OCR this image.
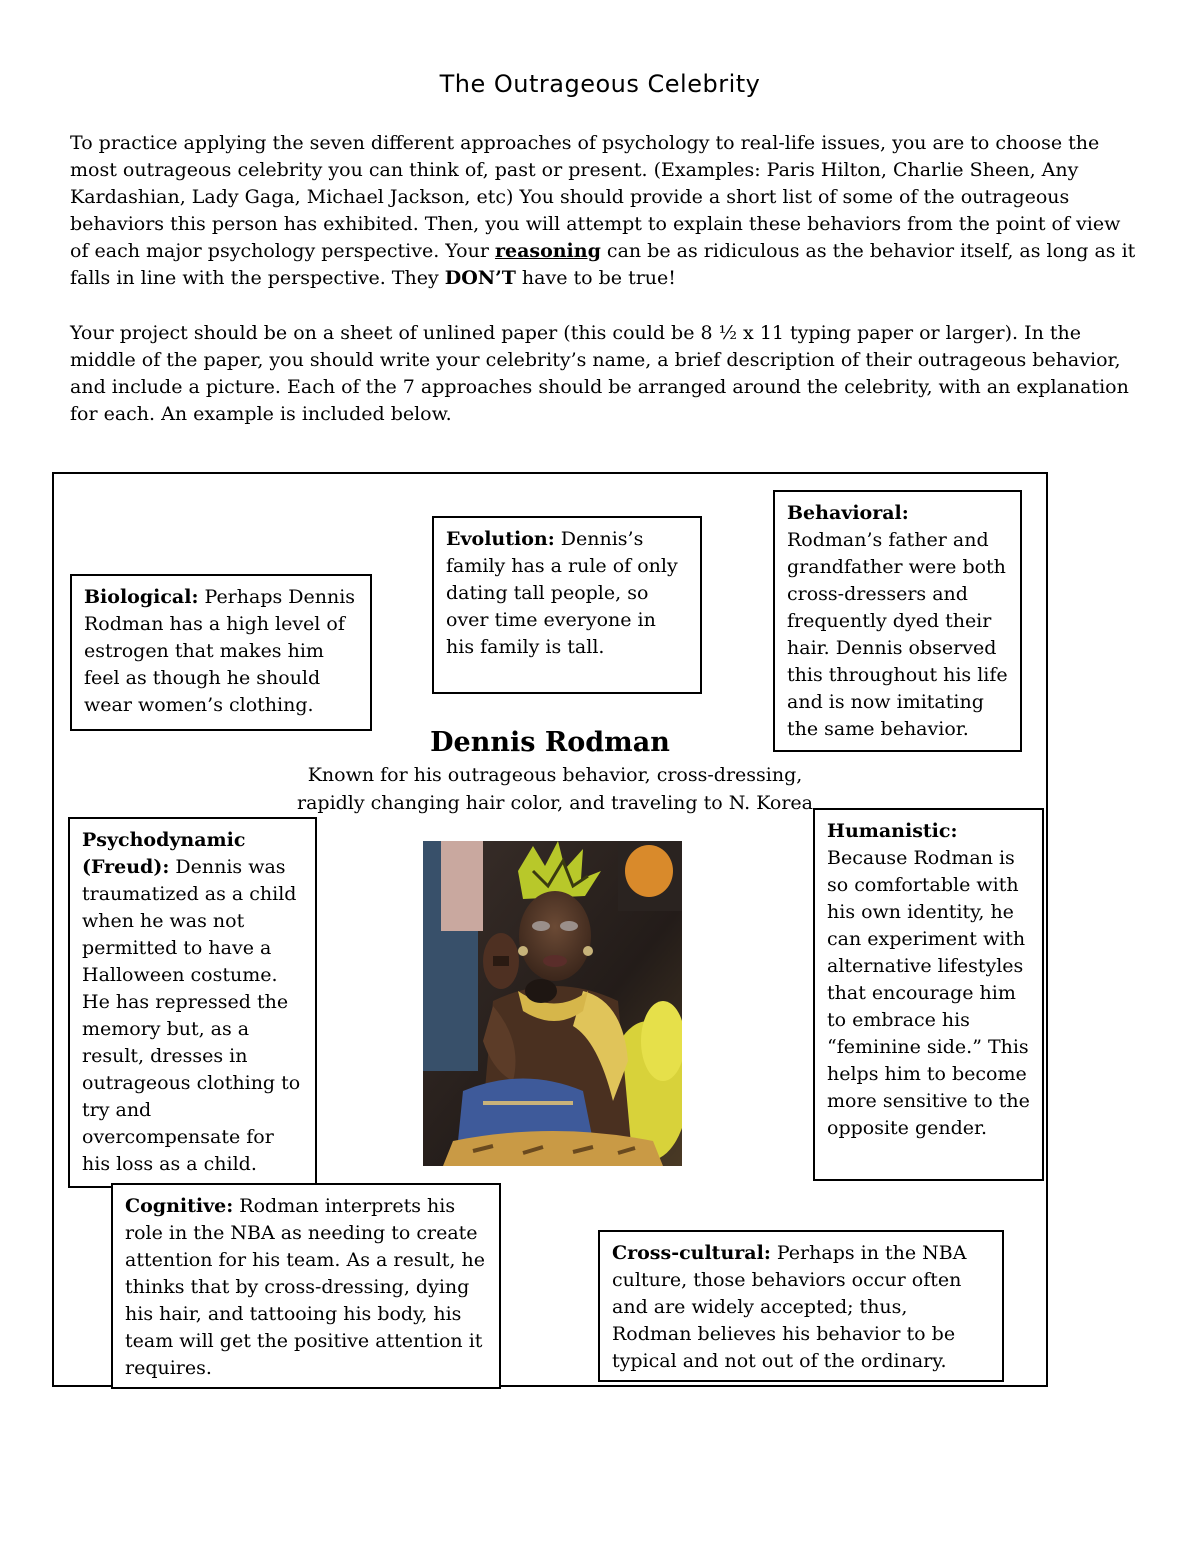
The Outrageous Celebrity
To practice applying the seven different approaches of psychology to real-life issues, you are to choose the most outrageous celebrity you can think of, past or present. (Examples: Paris Hilton, Charlie Sheen, Any Kardashian, Lady Gaga, Michael Jackson, etc) You should provide a short list of some of the outrageous behaviors this person has exhibited. Then, you will attempt to explain these behaviors from the point of view of each major psychology perspective. Your reasoning can be as ridiculous as the behavior itself, as long as it falls in line with the perspective. They DON’T have to be true!
Your project should be on a sheet of unlined paper (this could be 8 ½ x 11 typing paper or larger). In the middle of the paper, you should write your celebrity’s name, a brief description of their outrageous behavior, and include a picture. Each of the 7 approaches should be arranged around the celebrity, with an explanation for each. An example is included below.
Biological: Perhaps Dennis Rodman has a high level of estrogen that makes him feel as though he should wear women’s clothing.
Evolution: Dennis’s family has a rule of only dating tall people, so over time everyone in his family is tall.
Behavioral:
Rodman’s father and grandfather were both cross-dressers and frequently dyed their hair. Dennis observed this throughout his life and is now imitating the same behavior.
Dennis Rodman
Known for his outrageous behavior, cross-dressing, rapidly changing hair color, and traveling to N. Korea
Psychodynamic (Freud): Dennis was traumatized as a child when he was not permitted to have a Halloween costume. He has repressed the memory but, as a result, dresses in outrageous clothing to try and overcompensate for his loss as a child.
Humanistic:
Because Rodman is so comfortable with his own identity, he can experiment with alternative lifestyles that encourage him to embrace his “feminine side.” This helps him to become more sensitive to the opposite gender.
Cognitive: Rodman interprets his role in the NBA as needing to create attention for his team. As a result, he thinks that by cross-dressing, dying his hair, and tattooing his body, his team will get the positive attention it requires.
Cross-cultural: Perhaps in the NBA culture, those behaviors occur often and are widely accepted; thus, Rodman believes his behavior to be typical and not out of the ordinary.
